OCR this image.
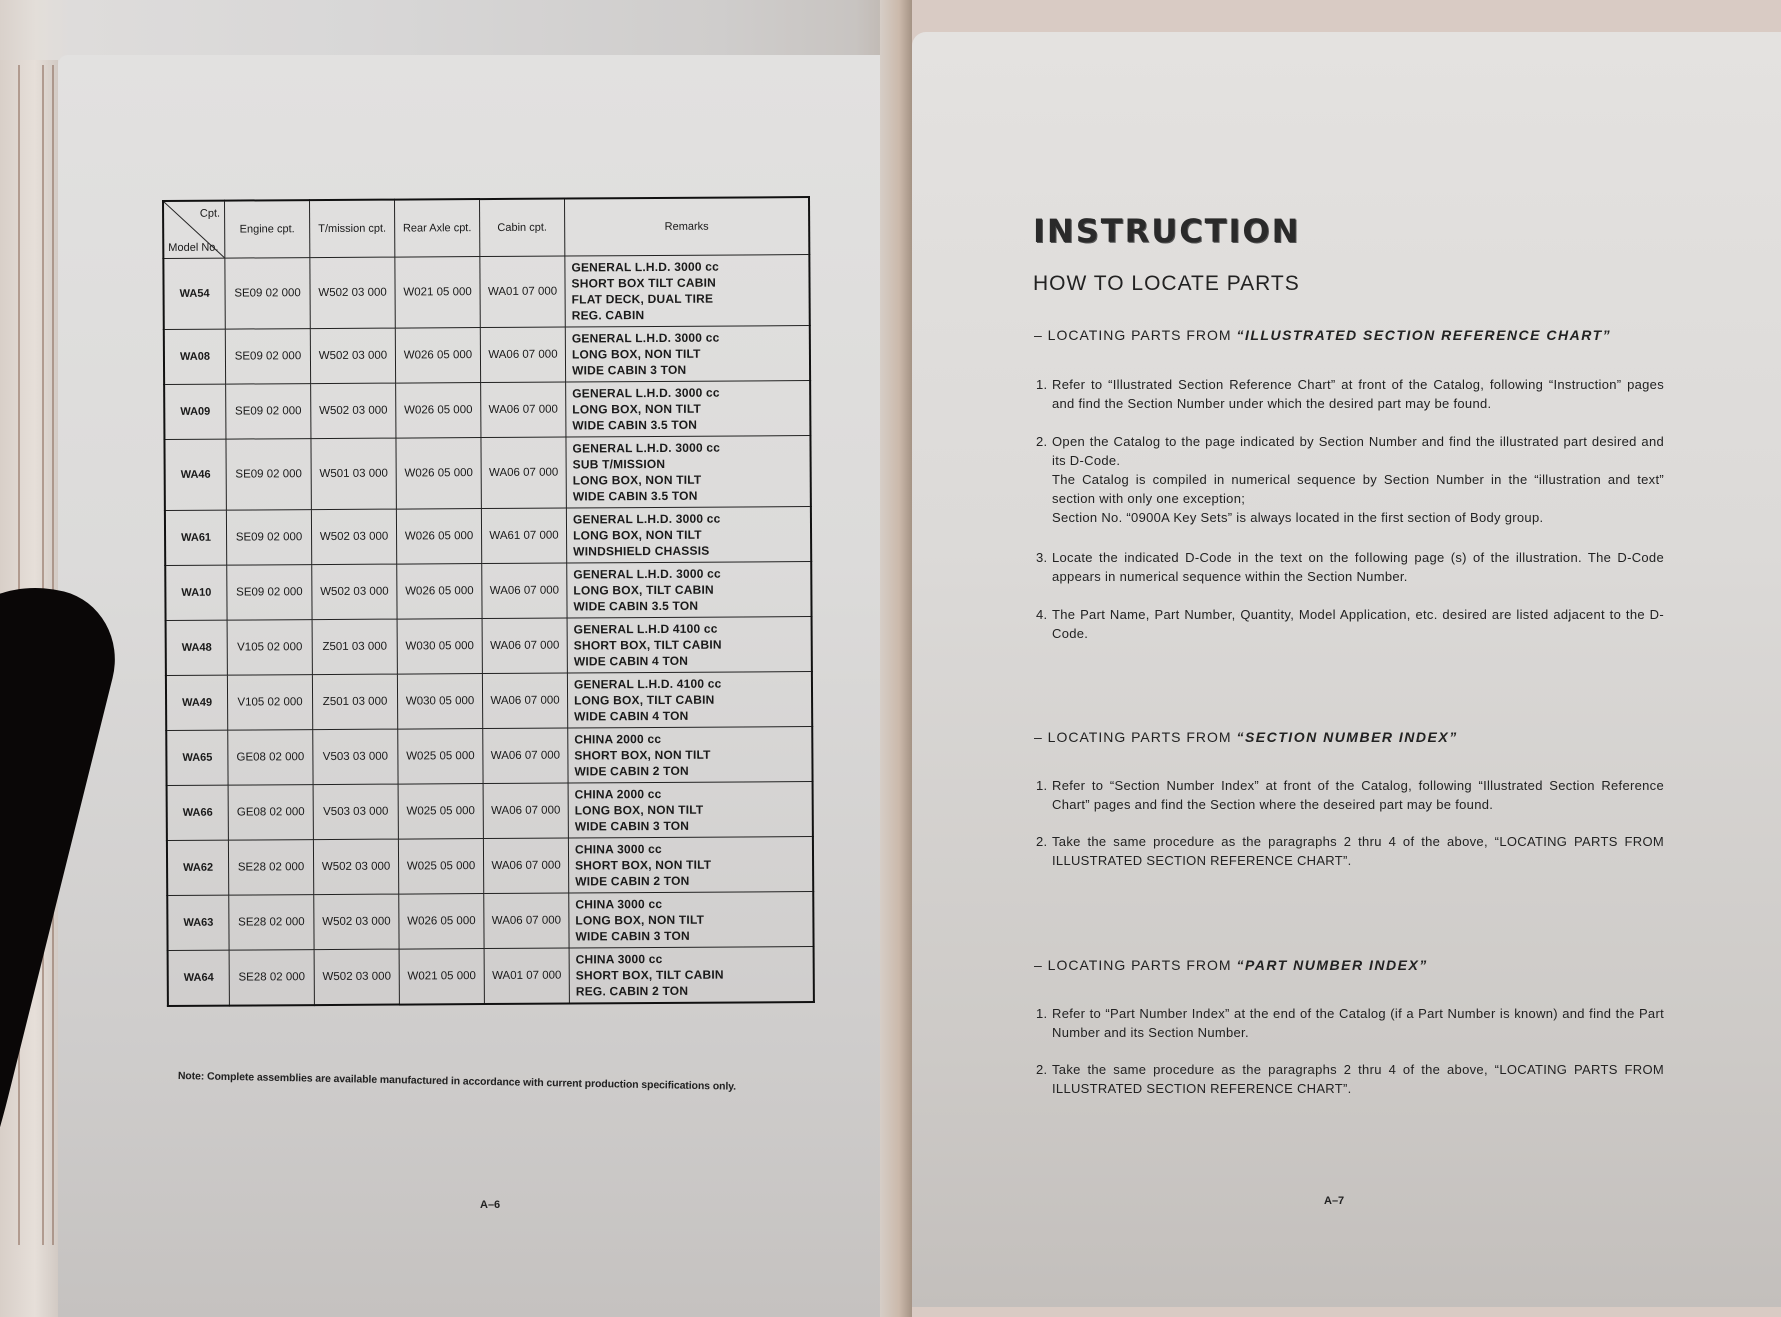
Cpt.
Model No.	Engine cpt.	T/mission cpt.	Rear Axle cpt.	Cabin cpt.	Remarks
WA54	SE09 02 000	W502 03 000	W021 05 000	WA01 07 000	GENERAL L.H.D. 3000 cc
SHORT BOX TILT CABIN
FLAT DECK, DUAL TIRE
REG. CABIN

WA08	SE09 02 000	W502 03 000	W026 05 000	WA06 07 000	GENERAL L.H.D. 3000 cc
LONG BOX, NON TILT
WIDE CABIN 3 TON

WA09	SE09 02 000	W502 03 000	W026 05 000	WA06 07 000	GENERAL L.H.D. 3000 cc
LONG BOX, NON TILT
WIDE CABIN 3.5 TON

WA46	SE09 02 000	W501 03 000	W026 05 000	WA06 07 000	GENERAL L.H.D. 3000 cc
SUB T/MISSION
LONG BOX, NON TILT
WIDE CABIN 3.5 TON

WA61	SE09 02 000	W502 03 000	W026 05 000	WA61 07 000	GENERAL L.H.D. 3000 cc
LONG BOX, NON TILT
WINDSHIELD CHASSIS

WA10	SE09 02 000	W502 03 000	W026 05 000	WA06 07 000	GENERAL L.H.D. 3000 cc
LONG BOX, TILT CABIN
WIDE CABIN 3.5 TON

WA48	V105 02 000	Z501 03 000	W030 05 000	WA06 07 000	GENERAL L.H.D 4100 cc
SHORT BOX, TILT CABIN
WIDE CABIN 4 TON

WA49	V105 02 000	Z501 03 000	W030 05 000	WA06 07 000	GENERAL L.H.D. 4100 cc
LONG BOX, TILT CABIN
WIDE CABIN 4 TON

WA65	GE08 02 000	V503 03 000	W025 05 000	WA06 07 000	CHINA 2000 cc
SHORT BOX, NON TILT
WIDE CABIN 2 TON

WA66	GE08 02 000	V503 03 000	W025 05 000	WA06 07 000	CHINA 2000 cc
LONG BOX, NON TILT
WIDE CABIN 3 TON

WA62	SE28 02 000	W502 03 000	W025 05 000	WA06 07 000	CHINA 3000 cc
SHORT BOX, NON TILT
WIDE CABIN 2 TON

WA63	SE28 02 000	W502 03 000	W026 05 000	WA06 07 000	CHINA 3000 cc
LONG BOX, NON TILT
WIDE CABIN 3 TON

WA64	SE28 02 000	W502 03 000	W021 05 000	WA01 07 000	CHINA 3000 cc
SHORT BOX, TILT CABIN
REG. CABIN 2 TON
Note: Complete assemblies are available manufactured in accordance with current production specifications only.
A–6
INSTRUCTION
HOW TO LOCATE PARTS
– LOCATING PARTS FROM “ILLUSTRATED SECTION REFERENCE CHART”
1. Refer to “Illustrated Section Reference Chart” at front of the Catalog, following “Instruction” pages and find the Section Number under which the desired part may be found.
2. Open the Catalog to the page indicated by Section Number and find the illustrated part desired and its D-Code.
The Catalog is compiled in numerical sequence by Section Number in the “illustration and text” section with only one exception;
Section No. “0900A Key Sets” is always located in the first section of Body group.
3. Locate the indicated D-Code in the text on the following page (s) of the illustration. The D-Code appears in numerical sequence within the Section Number.
4. The Part Name, Part Number, Quantity, Model Application, etc. desired are listed adjacent to the D-Code.
– LOCATING PARTS FROM “SECTION NUMBER INDEX”
1. Refer to “Section Number Index” at front of the Catalog, following “Illustrated Section Reference Chart” pages and find the Section where the deseired part may be found.
2. Take the same procedure as the paragraphs 2 thru 4 of the above, “LOCATING PARTS FROM ILLUSTRATED SECTION REFERENCE CHART”.
– LOCATING PARTS FROM “PART NUMBER INDEX”
1. Refer to “Part Number Index” at the end of the Catalog (if a Part Number is known) and find the Part Number and its Section Number.
2. Take the same procedure as the paragraphs 2 thru 4 of the above, “LOCATING PARTS FROM ILLUSTRATED SECTION REFERENCE CHART”.
A–7
